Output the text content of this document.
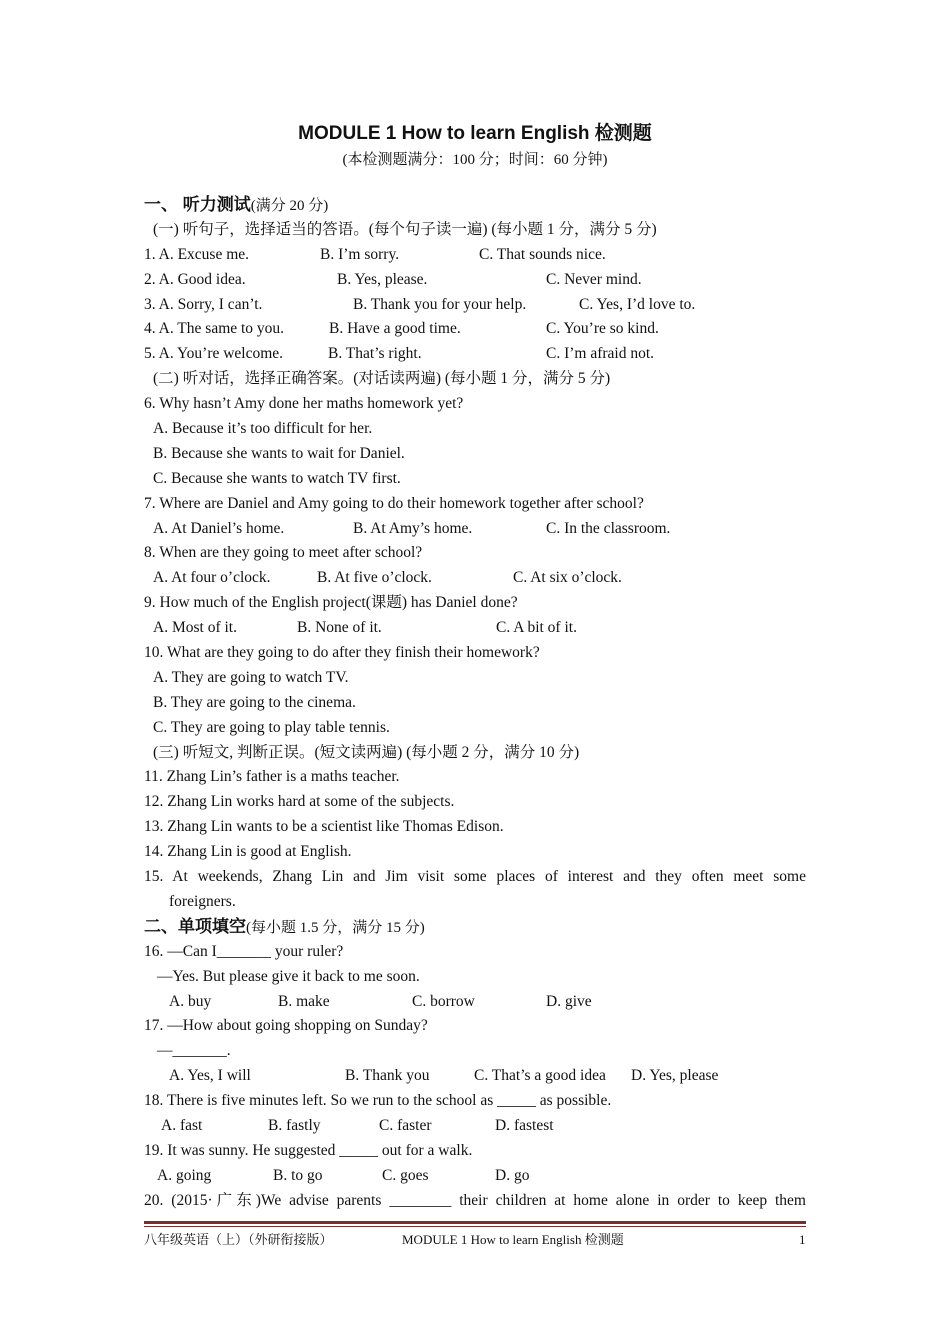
MODULE 1 How to learn English 检测题
(本检测题满分：100 分；时间：60 分钟)
一、 听力测试(满分 20 分)
(一) 听句子，选择适当的答语。(每个句子读一遍) (每小题 1 分，满分 5 分)
1. A. Excuse me.	B. I’m sorry.	C. That sounds nice.
2. A. Good idea.	B. Yes, please.	C. Never mind.
3. A. Sorry, I can’t.	B. Thank you for your help.	C. Yes, I’d love to.
4. A. The same to you.	B. Have a good time.	C. You’re so kind.
5. A. You’re welcome.	B. That’s right.	C. I’m afraid not.
(二) 听对话，选择正确答案。(对话读两遍) (每小题 1 分，满分 5 分)
6. Why hasn’t Amy done her maths homework yet?
A. Because it’s too difficult for her.
B. Because she wants to wait for Daniel.
C. Because she wants to watch TV first.
7. Where are Daniel and Amy going to do their homework together after school?
A. At Daniel’s home.	B. At Amy’s home.	C. In the classroom.
8. When are they going to meet after school?
A. At four o’clock.	B. At five o’clock.	C. At six o’clock.
9. How much of the English project(课题) has Daniel done?
A. Most of it.	B. None of it.	C. A bit of it.
10. What are they going to do after they finish their homework?
A. They are going to watch TV.
B. They are going to the cinema.
C. They are going to play table tennis.
(三) 听短文, 判断正误。(短文读两遍) (每小题 2 分，满分 10 分)
11. Zhang Lin’s father is a maths teacher.
12. Zhang Lin works hard at some of the subjects.
13. Zhang Lin wants to be a scientist like Thomas Edison.
14. Zhang Lin is good at English.
15. At weekends, Zhang Lin and Jim visit some places of interest and they often meet some
foreigners.
二、单项填空(每小题 1.5 分，满分 15 分)
16. —Can I_______ your ruler?
—Yes. But please give it back to me soon.
A. buy	B. make	C. borrow	D. give
17. —How about going shopping on Sunday?
—_______.
A. Yes, I will	B. Thank you	C. That’s a good idea D. Yes, please
18. There is five minutes left. So we run to the school as _____ as possible.
A. fast	B. fastly	C. faster	D. fastest
19. It was sunny. He suggested _____ out for a walk.
A. going	B. to go	C. goes	D. go
20. (2015·广东)We advise parents ________ their children at home alone in order to keep them
八年级英语（上）（外研衔接版）	MODULE 1 How to learn English 检测题	1
